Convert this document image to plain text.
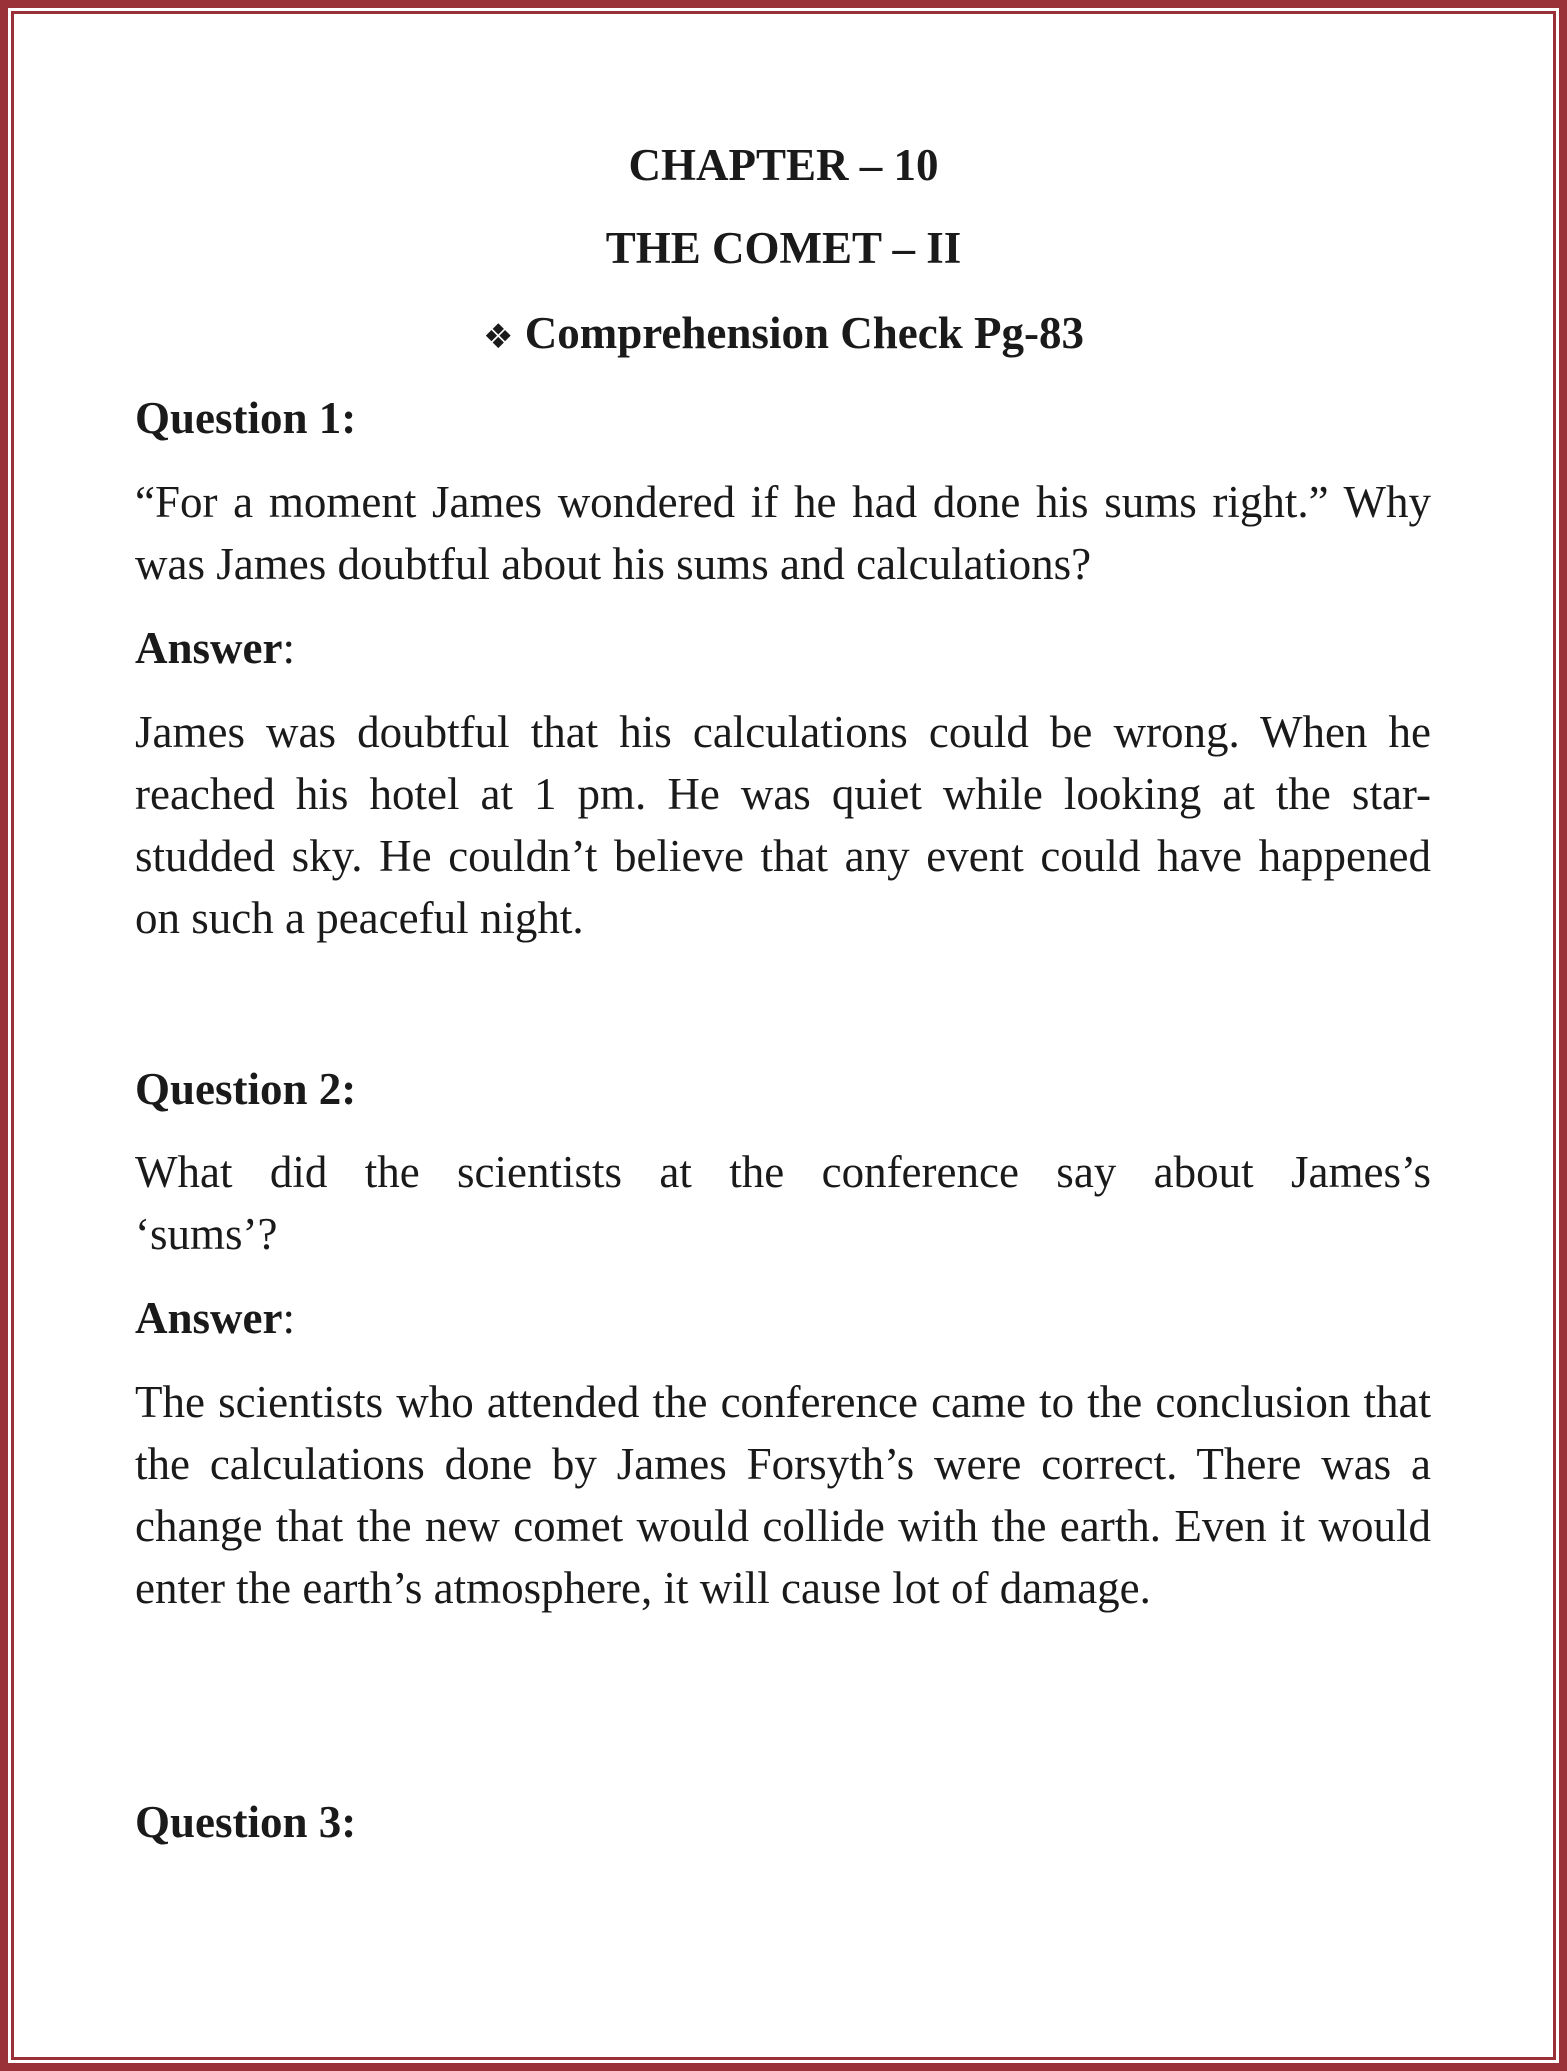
CHAPTER – 10
THE COMET – II
❖ Comprehension Check Pg-83
Question 1:
“For a moment James wondered if he had done his sums right.” Why was James doubtful about his sums and calculations?
Answer:
James was doubtful that his calculations could be wrong. When he reached his hotel at 1 pm. He was quiet while looking at the star-studded sky. He couldn’t believe that any event could have happened on such a peaceful night.
Question 2:
What did the scientists at the conference say about James’s ‘sums’?
Answer:
The scientists who attended the conference came to the conclusion that the calculations done by James Forsyth’s were correct. There was a change that the new comet would collide with the earth. Even it would enter the earth’s atmosphere, it will cause lot of damage.
Question 3:
